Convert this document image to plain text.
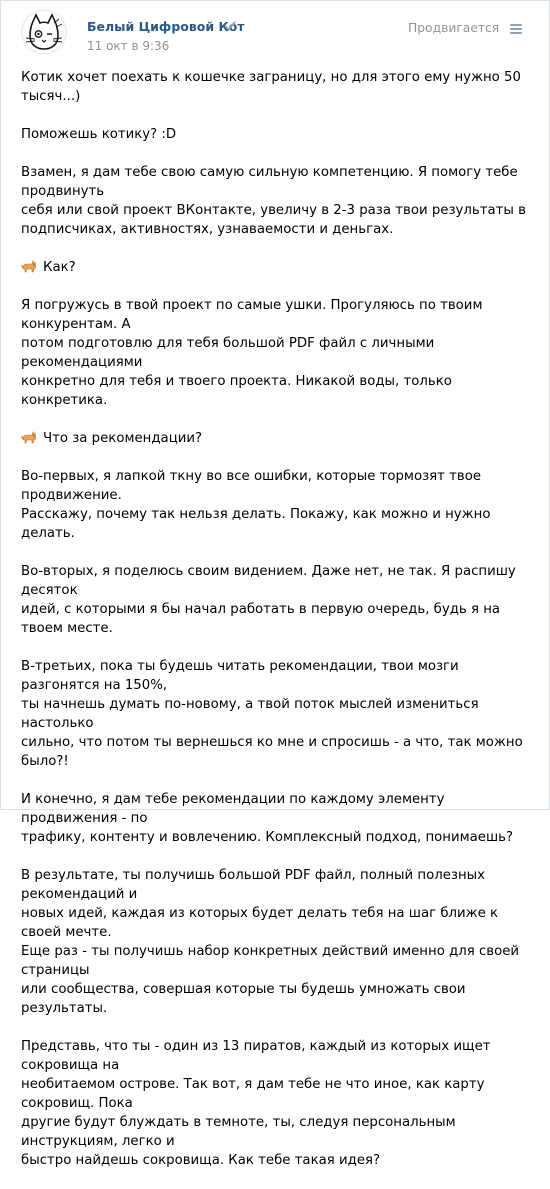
Белый Цифровой Кот
11 окт в 9:36
Продвигается

Котик хочет поехать к кошечке заграницу, но для этого ему нужно 50 тысяч...)

Поможешь котику? :D

Взамен, я дам тебе свою самую сильную компетенцию. Я помогу тебе продвинуть
себя или свой проект ВКонтакте, увеличу в 2-3 раза твои результаты в
подписчиках, активностях, узнаваемости и деньгах.

Как?

Я погружусь в твой проект по самые ушки. Прогуляюсь по твоим конкурентам. А
потом подготовлю для тебя большой PDF файл с личными рекомендациями
конкретно для тебя и твоего проекта. Никакой воды, только конкретика.

Что за рекомендации?

Во-первых, я лапкой ткну во все ошибки, которые тормозят твое продвижение.
Расскажу, почему так нельзя делать. Покажу, как можно и нужно делать.

Во-вторых, я поделюсь своим видением. Даже нет, не так. Я распишу десяток
идей, с которыми я бы начал работать в первую очередь, будь я на твоем месте.

В-третьих, пока ты будешь читать рекомендации, твои мозги разгонятся на 150%,
ты начнешь думать по-новому, а твой поток мыслей измениться настолько
сильно, что потом ты вернешься ко мне и спросишь - а что, так можно было?!

И конечно, я дам тебе рекомендации по каждому элементу продвижения - по
трафику, контенту и вовлечению. Комплексный подход, понимаешь?

В результате, ты получишь большой PDF файл, полный полезных рекомендаций и
новых идей, каждая из которых будет делать тебя на шаг ближе к своей мечте.
Еще раз - ты получишь набор конкретных действий именно для своей страницы
или сообщества, совершая которые ты будешь умножать свои результаты.

Представь, что ты - один из 13 пиратов, каждый из которых ищет сокровища на
необитаемом острове. Так вот, я дам тебе не что иное, как карту сокровищ. Пока
другие будут блуждать в темноте, ты, следуя персональным инструкциям, легко и
быстро найдешь сокровища. Как тебе такая идея?
